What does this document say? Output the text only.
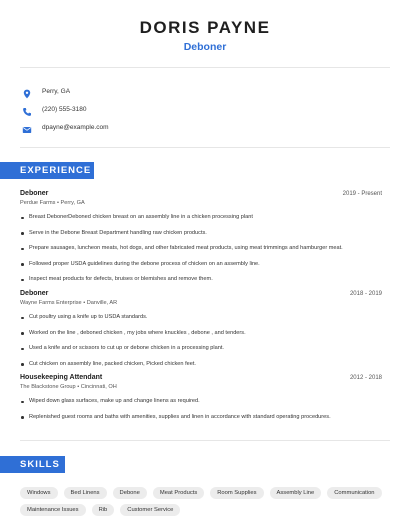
DORIS PAYNE
Deboner
Perry, GA
(220) 555-3180
dpayne@example.com
EXPERIENCE
Deboner	2019 - Present
Perdue Farms • Perry, GA
Breast DebonerDeboned chicken breast on an assembly line in a chicken processing plant
Serve in the Debone Breast Department handling raw chicken products.
Prepare sausages, luncheon meats, hot dogs, and other fabricated meat products, using meat trimmings and hamburger meat.
Followed proper USDA guidelines during the debone process of chicken on an assembly line.
Inspect meat products for defects, bruises or blemishes and remove them.
Deboner	2018 - 2019
Wayne Farms Enterprise • Danville, AR
Cut poultry using a knife up to USDA standards.
Worked on the line , deboned chicken , my jobs where knuckles , debone , and tenders.
Used a knife and or scissors to cut up or debone chicken in a processing plant.
Cut chicken on assembly line, packed chicken, Picked chicken feet.
Housekeeping Attendant	2012 - 2018
The Blackstone Group • Cincinnati, OH
Wiped down glass surfaces, make up and change linens as required.
Replenished guest rooms and baths with amenities, supplies and linen in accordance with standard operating procedures.
SKILLS
Windows	Bed Linens	Debone	Meat Products	Room Supplies	Assembly Line	Communication
Maintenance Issues	Rib	Customer Service
